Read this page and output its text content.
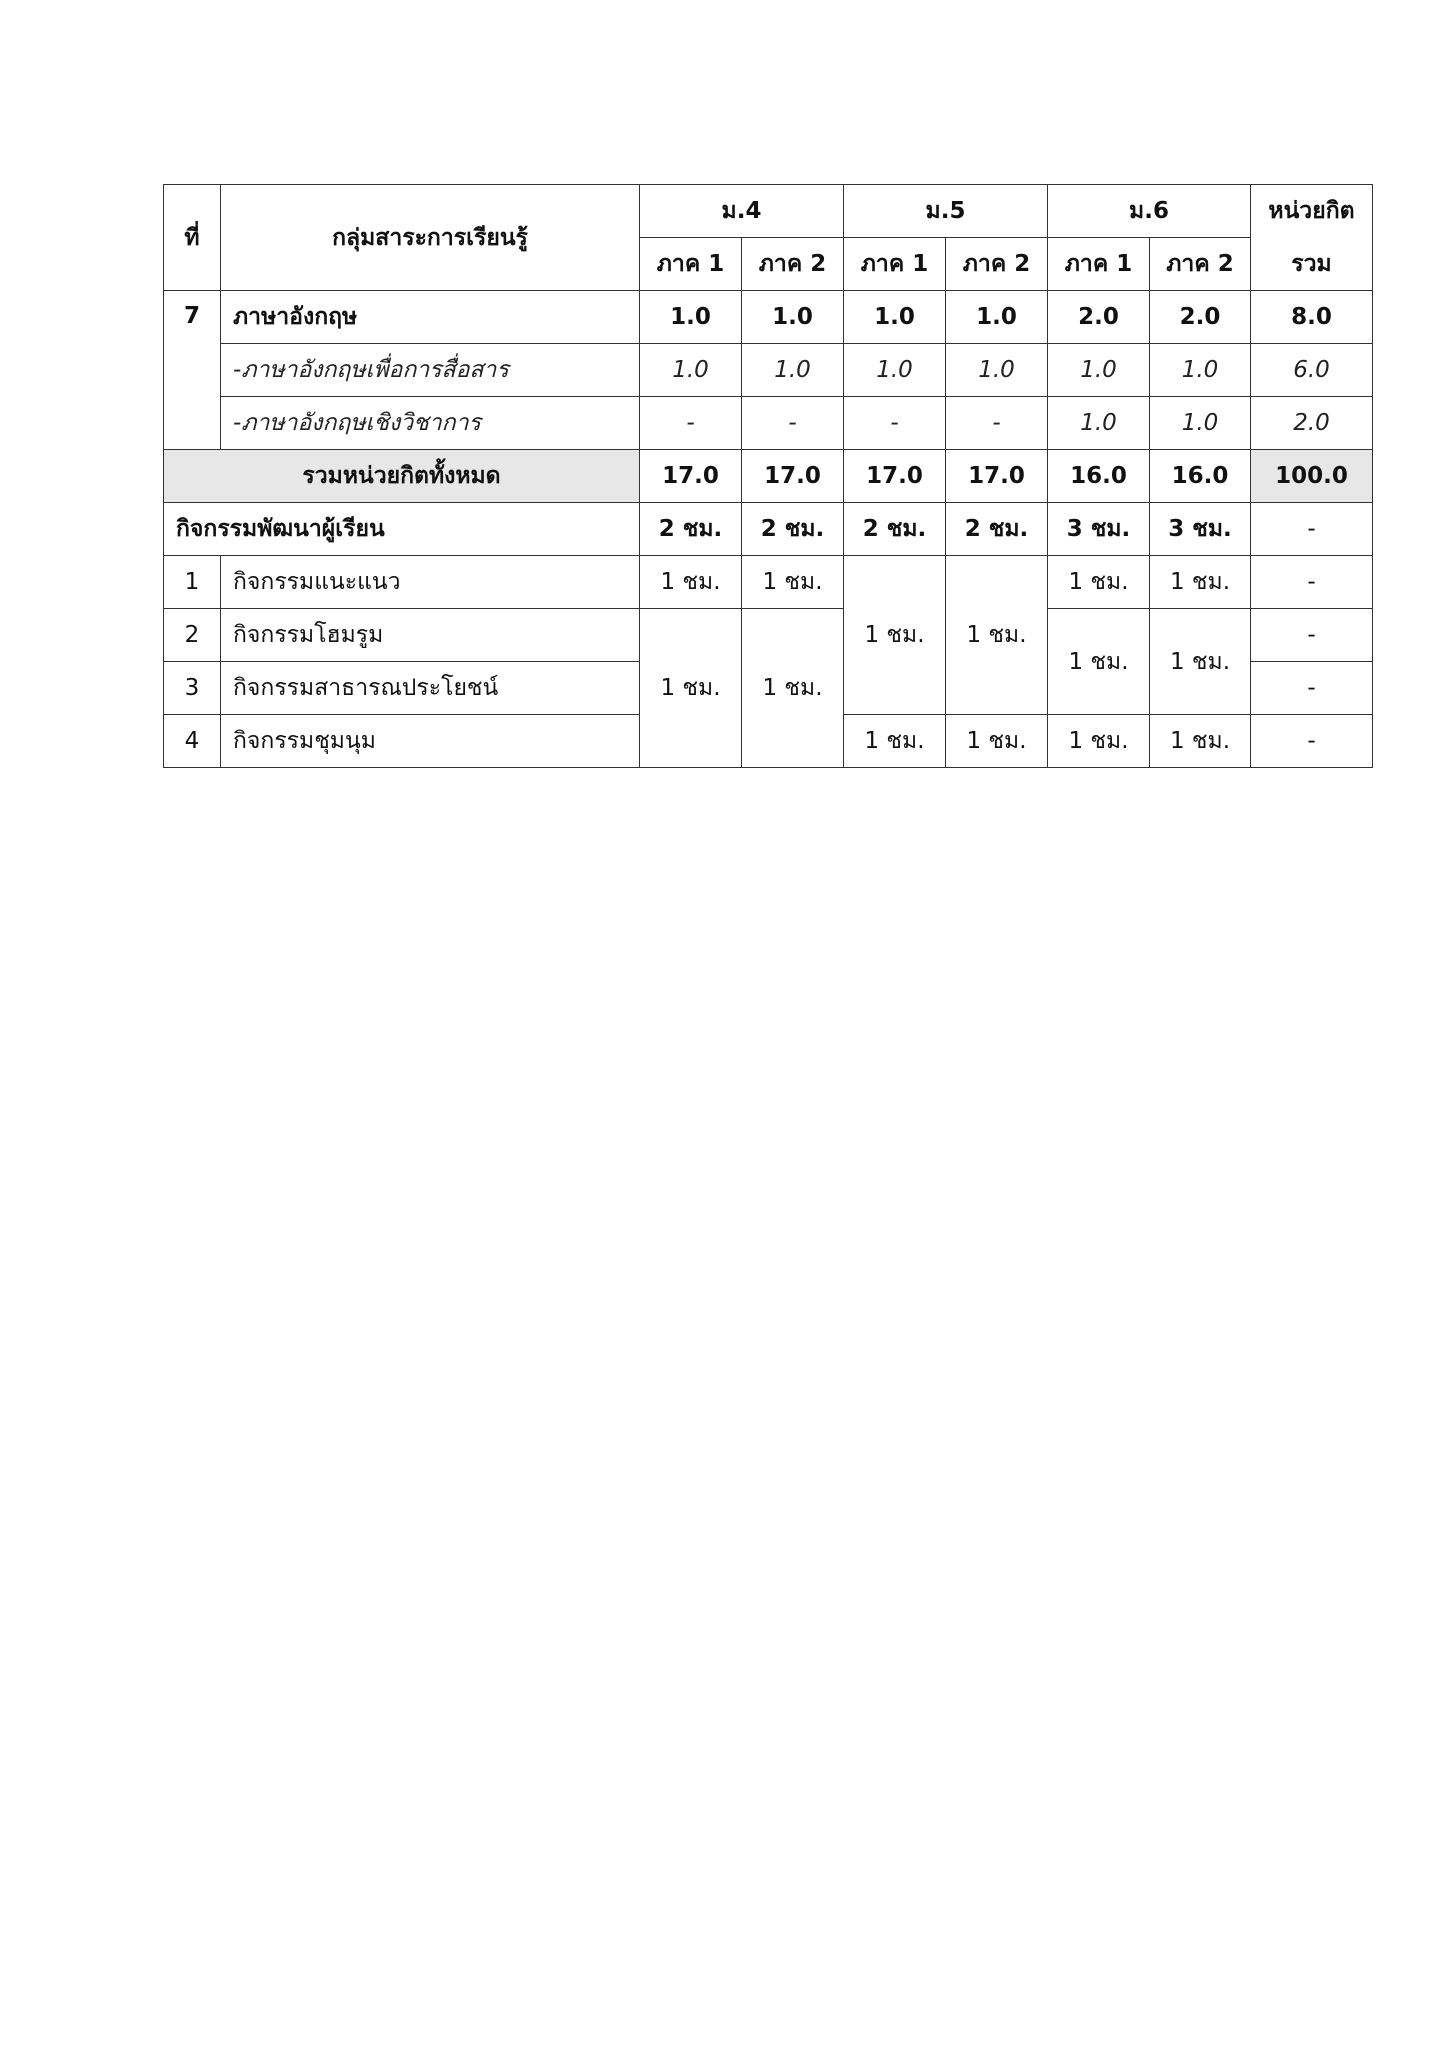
ที่	กลุ่มสาระการเรียนรู้	ม.4		ม.5		ม.6		หน่วยกิต
		ภาค 1	ภาค 2	ภาค 1	ภาค 2	ภาค 1	ภาค 2	รวม
7	ภาษาอังกฤษ	1.0	1.0	1.0	1.0	2.0	2.0	8.0
	-ภาษาอังกฤษเพื่อการสื่อสาร	1.0	1.0	1.0	1.0	1.0	1.0	6.0
	-ภาษาอังกฤษเชิงวิชาการ	-	-	-	-	1.0	1.0	2.0
รวมหน่วยกิตทั้งหมด		17.0	17.0	17.0	17.0	16.0	16.0	100.0
กิจกรรมพัฒนาผู้เรียน		2 ชม.	2 ชม.	2 ชม.	2 ชม.	3 ชม.	3 ชม.	-
1	กิจกรรมแนะแนว	1 ชม.	1 ชม.	1 ชม.	1 ชม.	1 ชม.	1 ชม.	-
2	กิจกรรมโฮมรูม	1 ชม.	1 ชม.			1 ชม.	1 ชม.	-
3	กิจกรรมสาธารณประโยชน์							-
4	กิจกรรมชุมนุม			1 ชม.	1 ชม.	1 ชม.	1 ชม.	-
